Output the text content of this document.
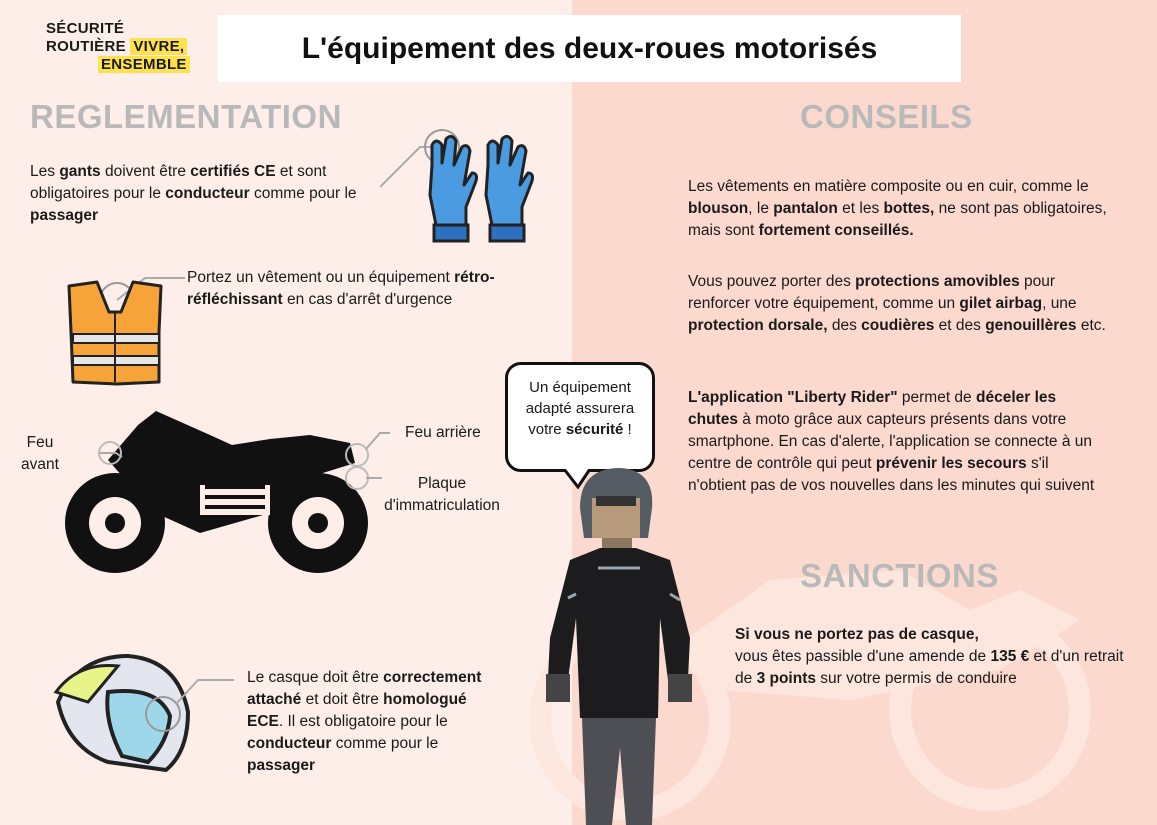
SÉCURITÉ
ROUTIÈRE VIVRE,
ENSEMBLE	L'équipement des deux-roues motorisés
REGLEMENTATION
Les gants doivent être certifiés CE et sont obligatoires pour le conducteur comme pour le passager
Portez un vêtement ou un équipement rétro-réfléchissant en cas d'arrêt d'urgence
Feu avant
Feu arrière
Plaque d'immatriculation
Le casque doit être correctement attaché et doit être homologué ECE. Il est obligatoire pour le conducteur comme pour le passager
Un équipement adapté assurera votre sécurité !
CONSEILS
Les vêtements en matière composite ou en cuir, comme le blouson, le pantalon et les bottes, ne sont pas obligatoires, mais sont fortement conseillés.
Vous pouvez porter des protections amovibles pour renforcer votre équipement, comme un gilet airbag, une protection dorsale, des coudières et des genouillères etc.
L'application "Liberty Rider" permet de déceler les chutes à moto grâce aux capteurs présents dans votre smartphone. En cas d'alerte, l'application se connecte à un centre de contrôle qui peut prévenir les secours s'il n'obtient pas de vos nouvelles dans les minutes qui suivent
SANCTIONS
Si vous ne portez pas de casque,
vous êtes passible d'une amende de 135 € et d'un retrait de 3 points sur votre permis de conduire
